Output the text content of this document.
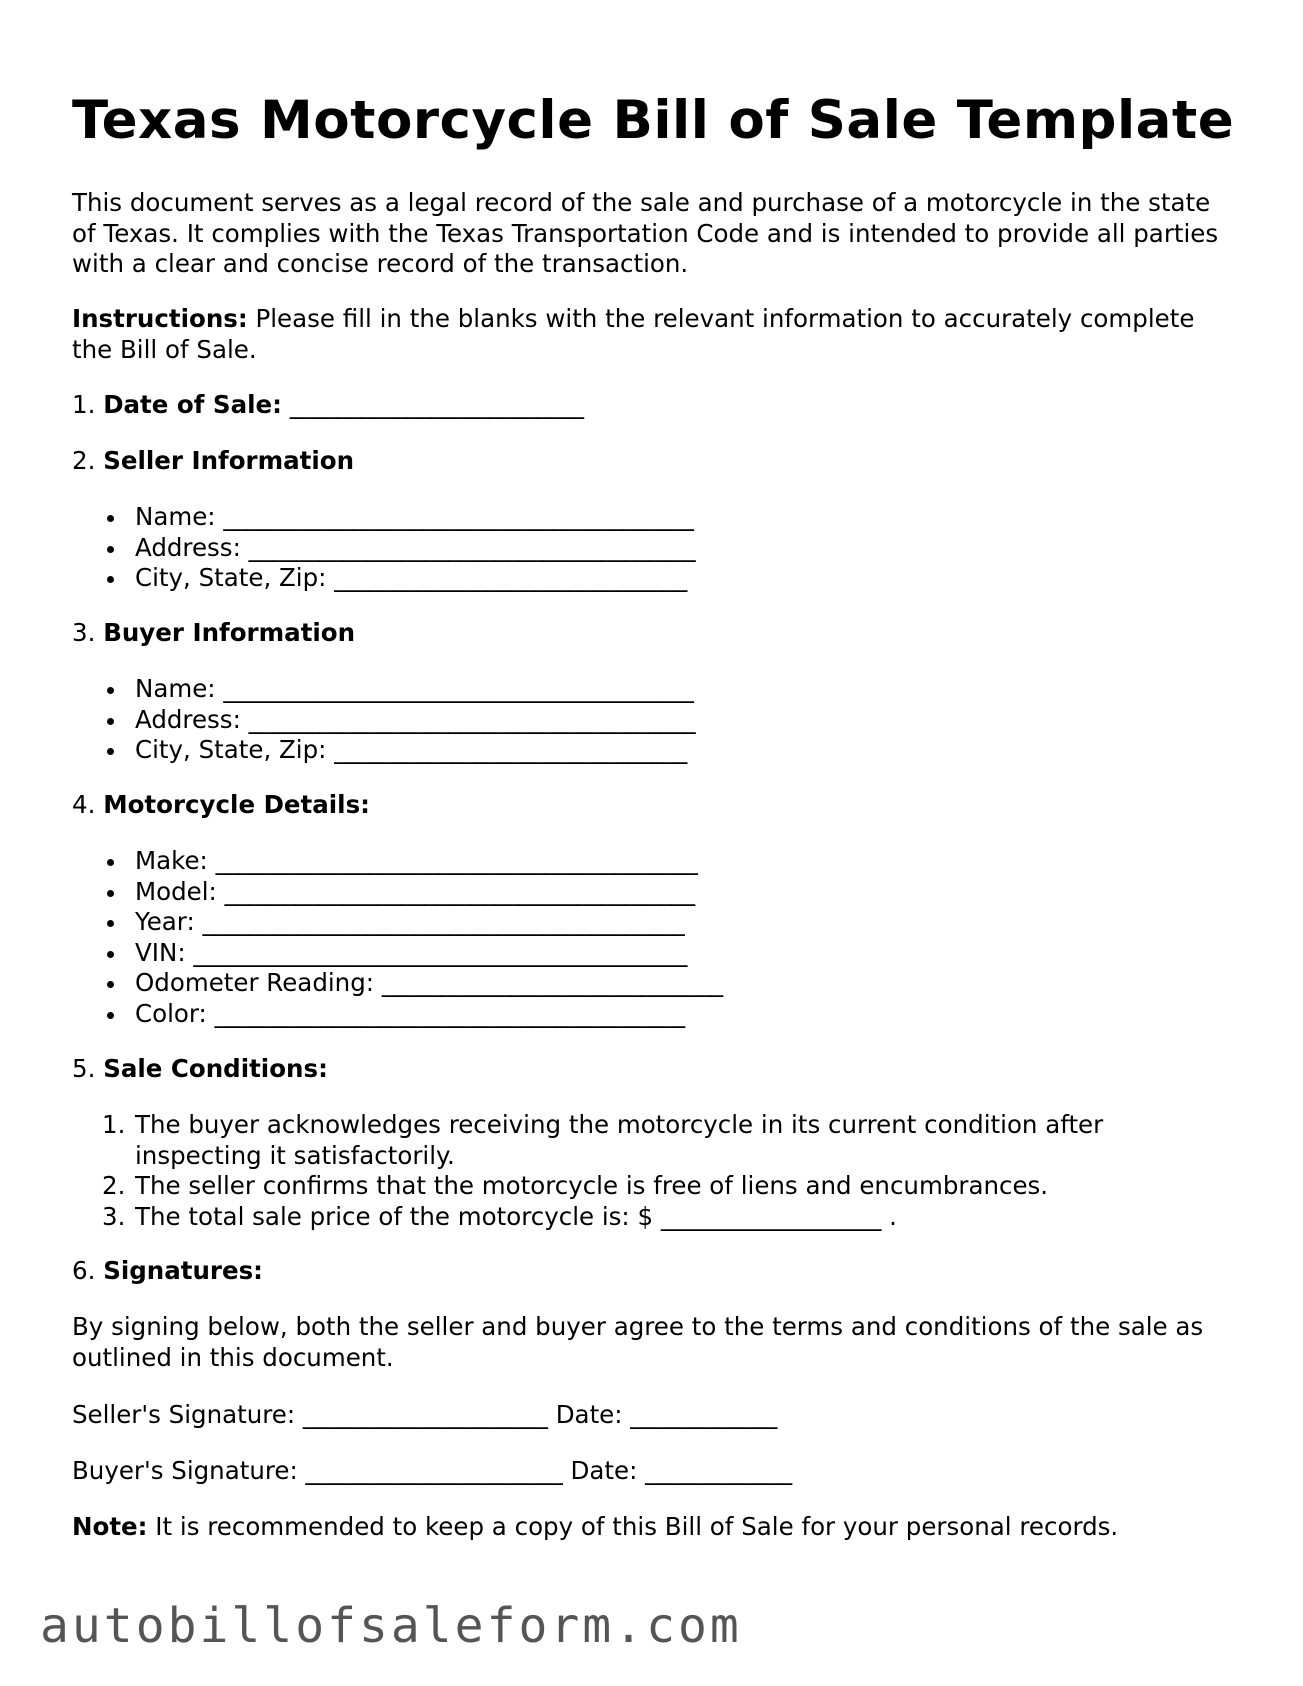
Texas Motorcycle Bill of Sale Template

This document serves as a legal record of the sale and purchase of a motorcycle in the state of Texas. It complies with the Texas Transportation Code and is intended to provide all parties with a clear and concise record of the transaction.

Instructions: Please fill in the blanks with the relevant information to accurately complete the Bill of Sale.

1. Date of Sale: _________________________
2. Seller Information
Name: ________________________________________
Address: ______________________________________
City, State, Zip: ______________________________
3. Buyer Information
Name: ________________________________________
Address: ______________________________________
City, State, Zip: ______________________________
4. Motorcycle Details:
Make: _________________________________________
Model: ________________________________________
Year: _________________________________________
VIN: __________________________________________
Odometer Reading: _____________________________
Color: ________________________________________
5. Sale Conditions:
1. The buyer acknowledges receiving the motorcycle in its current condition after inspecting it satisfactorily.
2. The seller confirms that the motorcycle is free of liens and encumbrances.
3. The total sale price of the motorcycle is: $ __________________ .
6. Signatures:

By signing below, both the seller and buyer agree to the terms and conditions of the sale as outlined in this document.

Seller's Signature: ____________________ Date: ____________
Buyer's Signature: _____________________ Date: ____________
Note: It is recommended to keep a copy of this Bill of Sale for your personal records.
autobillofsaleform.com
